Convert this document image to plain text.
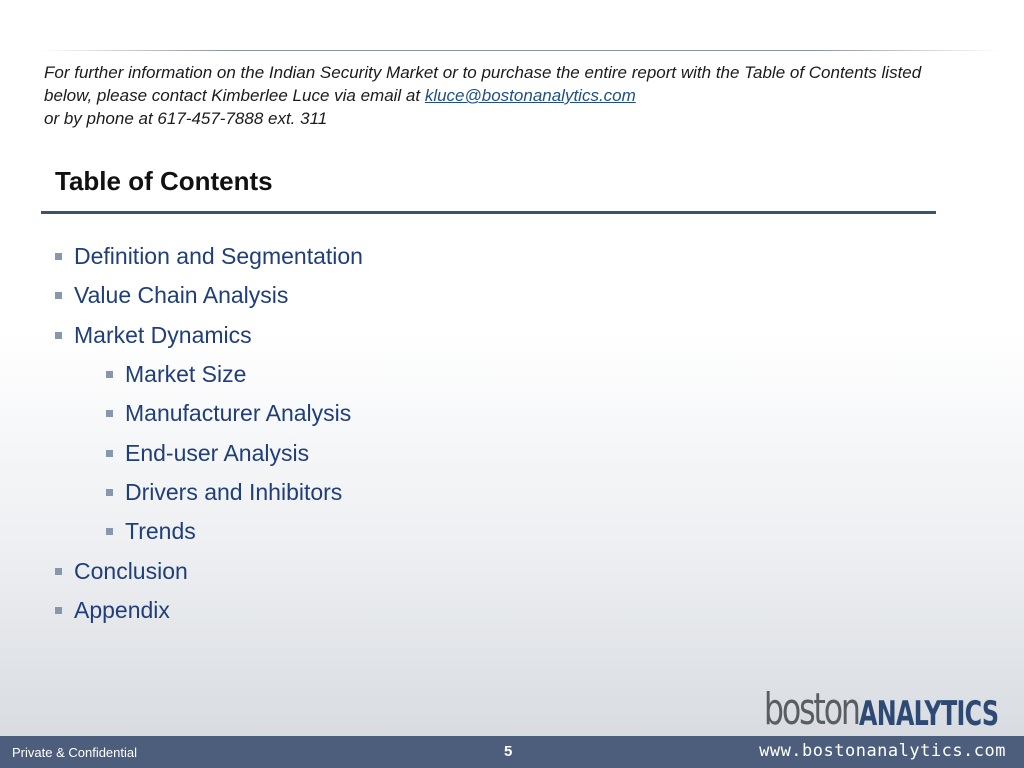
For further information on the Indian Security Market or to purchase the entire report with the Table of Contents listed below, please contact Kimberlee Luce via email at kluce@bostonanalytics.com
or by phone at 617-457-7888 ext. 311
Table of Contents
Definition and Segmentation
Value Chain Analysis
Market Dynamics
Market Size
Manufacturer Analysis
End-user Analysis
Drivers and Inhibitors
Trends
Conclusion
Appendix
boston ANALYTICS
Private & Confidential	5	www.bostonanalytics.com
